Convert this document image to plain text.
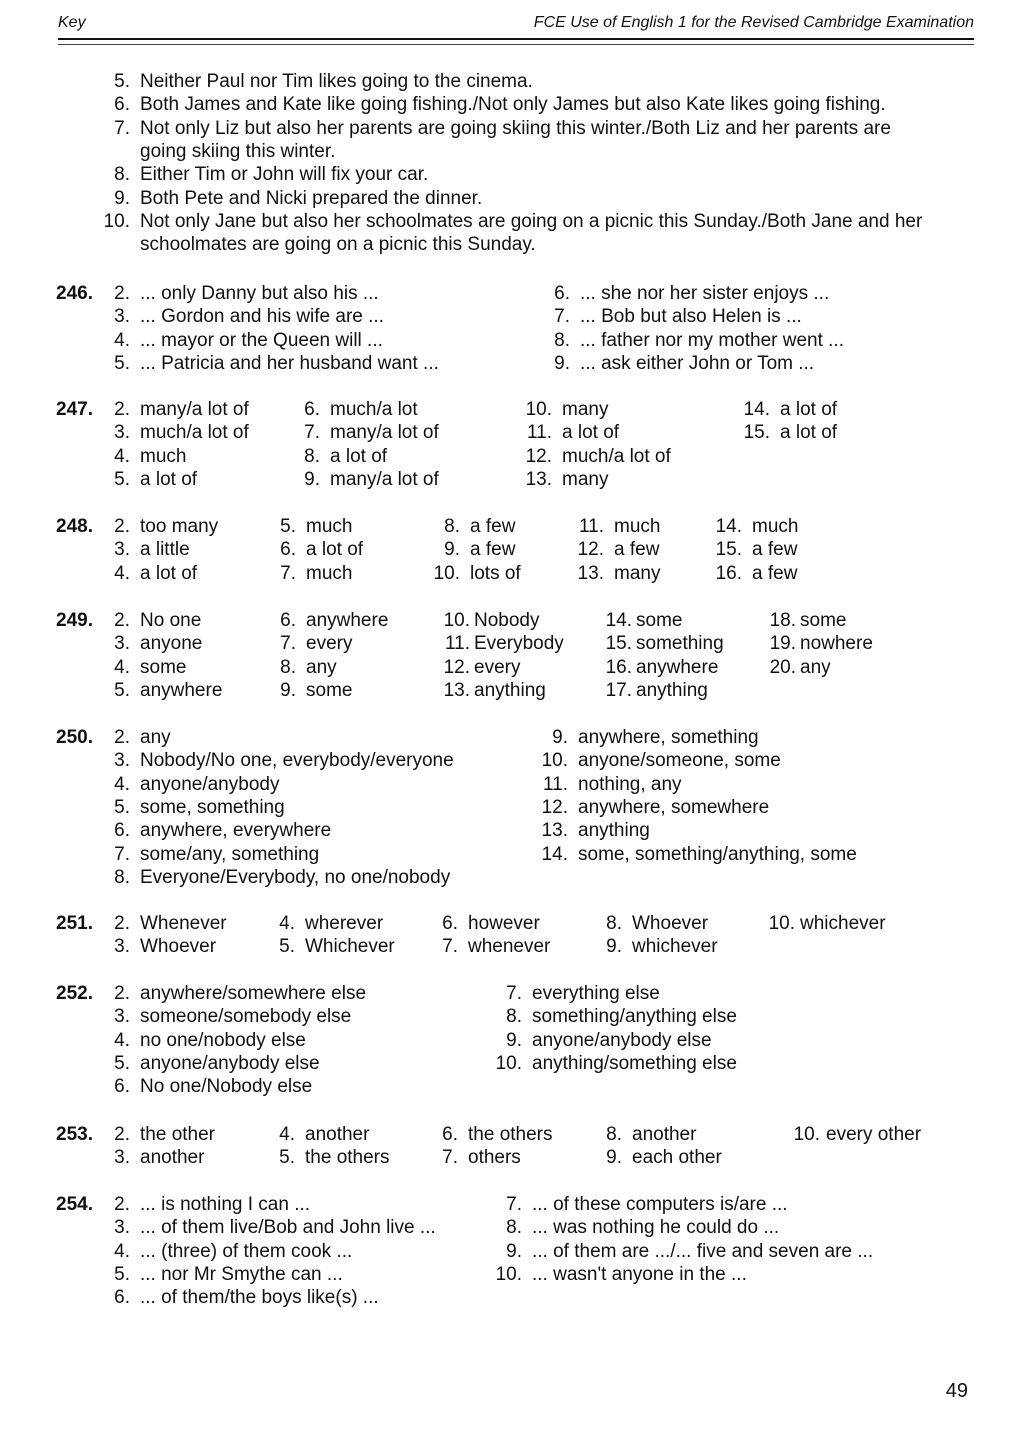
Key	FCE Use of English 1 for the Revised Cambridge Examination
5. Neither Paul nor Tim likes going to the cinema.
6. Both James and Kate like going fishing./Not only James but also Kate likes going fishing.
7. Not only Liz but also her parents are going skiing this winter./Both Liz and her parents are
going skiing this winter.
8. Either Tim or John will fix your car.
9. Both Pete and Nicki prepared the dinner.
10. Not only Jane but also her schoolmates are going on a picnic this Sunday./Both Jane and her
schoolmates are going on a picnic this Sunday.
246.	2. ... only Danny but also his ...
3. ... Gordon and his wife are ...
4. ... mayor or the Queen will ...
5. ... Patricia and her husband want ...
6. ... she nor her sister enjoys ...
7. ... Bob but also Helen is ...
8. ... father nor my mother went ...
9. ... ask either John or Tom ...
247.	2. many/a lot of
3. much/a lot of
4. much
5. a lot of
6. much/a lot
7. many/a lot of
8. a lot of
9. many/a lot of
10. many
11. a lot of
12. much/a lot of
13. many
14. a lot of
15. a lot of
248.	2. too many
3. a little
4. a lot of
5. much
6. a lot of
7. much
8. a few
9. a few
10. lots of
11. much
12. a few
13. many
14. much
15. a few
16. a few
249.	2. No one
3. anyone
4. some
5. anywhere
6. anywhere
7. every
8. any
9. some
10. Nobody
11. Everybody
12. every
13. anything
14. some
15. something
16. anywhere
17. anything
18. some
19. nowhere
20. any
250.	2. any
3. Nobody/No one, everybody/everyone
4. anyone/anybody
5. some, something
6. anywhere, everywhere
7. some/any, something
8. Everyone/Everybody, no one/nobody
9. anywhere, something
10. anyone/someone, some
11. nothing, any
12. anywhere, somewhere
13. anything
14. some, something/anything, some
251.	2. Whenever
3. Whoever
4. wherever
5. Whichever
6. however
7. whenever
8. Whoever
9. whichever
10. whichever
252.	2. anywhere/somewhere else
3. someone/somebody else
4. no one/nobody else
5. anyone/anybody else
6. No one/Nobody else
7. everything else
8. something/anything else
9. anyone/anybody else
10. anything/something else
253.	2. the other
3. another
4. another
5. the others
6. the others
7. others
8. another
9. each other
10. every other
254.	2. ... is nothing I can ...
3. ... of them live/Bob and John live ...
4. ... (three) of them cook ...
5. ... nor Mr Smythe can ...
6. ... of them/the boys like(s) ...
7. ... of these computers is/are ...
8. ... was nothing he could do ...
9. ... of them are .../... five and seven are ...
10. ... wasn't anyone in the ...
49
